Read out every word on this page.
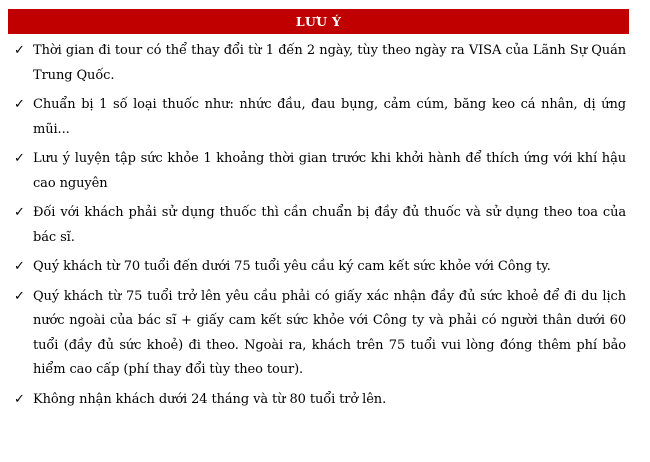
LƯU Ý
✓ Thời gian đi tour có thể thay đổi từ 1 đến 2 ngày, tùy theo ngày ra VISA của Lãnh Sự Quán Trung Quốc.
✓ Chuẩn bị 1 số loại thuốc như: nhức đầu, đau bụng, cảm cúm, băng keo cá nhân, dị ứng mũi...
✓ Lưu ý luyện tập sức khỏe 1 khoảng thời gian trước khi khởi hành để thích ứng với khí hậu cao nguyên
✓ Đối với khách phải sử dụng thuốc thì cần chuẩn bị đầy đủ thuốc và sử dụng theo toa của bác sĩ.
✓ Quý khách từ 70 tuổi đến dưới 75 tuổi yêu cầu ký cam kết sức khỏe với Công ty.
✓ Quý khách từ 75 tuổi trở lên yêu cầu phải có giấy xác nhận đầy đủ sức khoẻ để đi du lịch nước ngoài của bác sĩ + giấy cam kết sức khỏe với Công ty và phải có người thân dưới 60 tuổi (đầy đủ sức khoẻ) đi theo. Ngoài ra, khách trên 75 tuổi vui lòng đóng thêm phí bảo hiểm cao cấp (phí thay đổi tùy theo tour).
✓ Không nhận khách dưới 24 tháng và từ 80 tuổi trở lên.
